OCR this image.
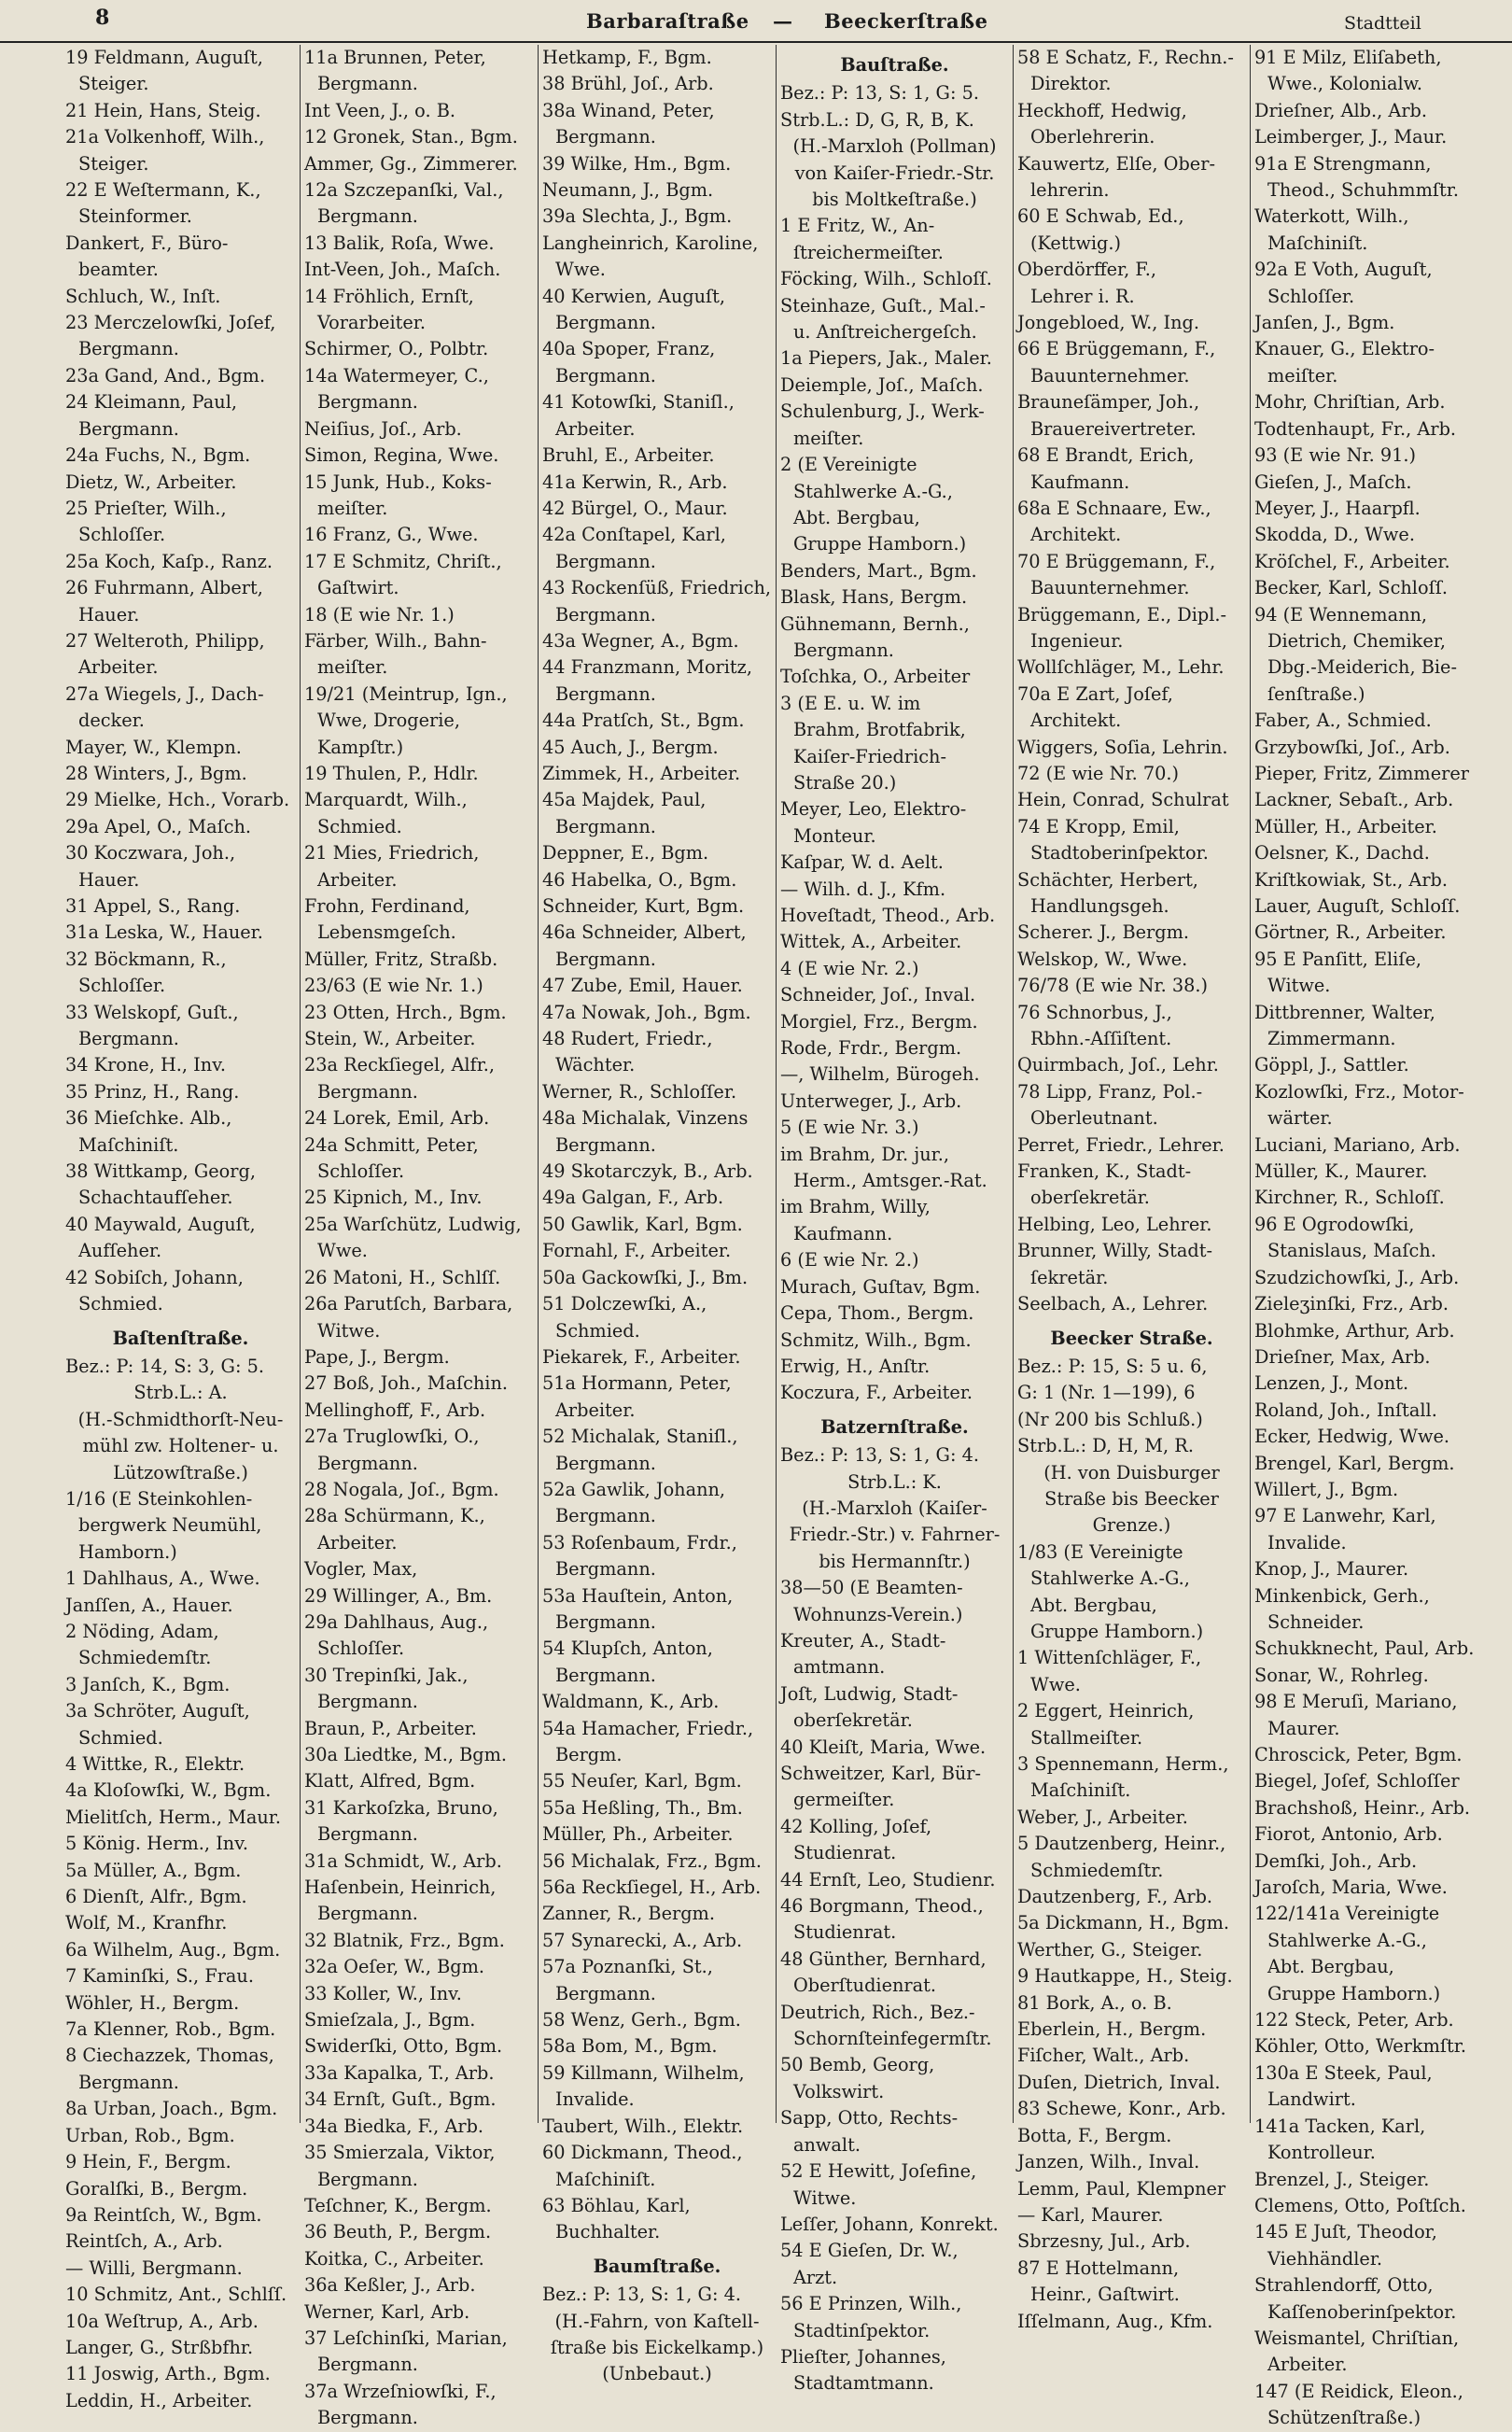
8	Barbaraſtraße — Beeckerſtraße	Stadtteil
19 Feldmann, Auguſt,
Steiger.
21 Hein, Hans, Steig.
21a Volkenhoff, Wilh.,
Steiger.
22 E Weſtermann, K.,
Steinformer.
Dankert, F., Büro-
beamter.
Schluch, W., Inſt.
23 Merczelowſki, Joſef,
Bergmann.
23a Gand, And., Bgm.
24 Kleimann, Paul,
Bergmann.
24a Fuchs, N., Bgm.
Dietz, W., Arbeiter.
25 Prieſter, Wilh.,
Schloſſer.
25a Koch, Kaſp., Ranz.
26 Fuhrmann, Albert,
Hauer.
27 Welteroth, Philipp,
Arbeiter.
27a Wiegels, J., Dach-
decker.
Mayer, W., Klempn.
28 Winters, J., Bgm.
29 Mielke, Hch., Vorarb.
29a Apel, O., Maſch.
30 Koczwara, Joh.,
Hauer.
31 Appel, S., Rang.
31a Leska, W., Hauer.
32 Böckmann, R.,
Schloſſer.
33 Welskopf, Guſt.,
Bergmann.
34 Krone, H., Inv.
35 Prinz, H., Rang.
36 Mieſchke. Alb.,
Maſchiniſt.
38 Wittkamp, Georg,
Schachtaufſeher.
40 Maywald, Auguſt,
Aufſeher.
42 Sobiſch, Johann,
Schmied.
Baſtenſtraße.
Bez.: P: 14, S: 3, G: 5.
Strb.L.: A.
(H.-Schmidthorſt-Neu-
mühl zw. Holtener- u.
Lützowſtraße.)
1/16 (E Steinkohlen-
bergwerk Neumühl,
Hamborn.)
1 Dahlhaus, A., Wwe.
Janſſen, A., Hauer.
2 Nöding, Adam,
Schmiedemſtr.
3 Janſch, K., Bgm.
3a Schröter, Auguſt,
Schmied.
4 Wittke, R., Elektr.
4a Kloſowſki, W., Bgm.
Mielitſch, Herm., Maur.
5 König. Herm., Inv.
5a Müller, A., Bgm.
6 Dienſt, Alfr., Bgm.
Wolf, M., Kranfhr.
6a Wilhelm, Aug., Bgm.
7 Kaminſki, S., Frau.
Wöhler, H., Bergm.
7a Klenner, Rob., Bgm.
8 Ciechazzek, Thomas,
Bergmann.
8a Urban, Joach., Bgm.
Urban, Rob., Bgm.
9 Hein, F., Bergm.
Goralſki, B., Bergm.
9a Reintſch, W., Bgm.
Reintſch, A., Arb.
— Willi, Bergmann.
10 Schmitz, Ant., Schlſſ.
10a Weſtrup, A., Arb.
Langer, G., Strßbfhr.
11 Joswig, Arth., Bgm.
Leddin, H., Arbeiter.
11a Brunnen, Peter,
Bergmann.
Int Veen, J., o. B.
12 Gronek, Stan., Bgm.
Ammer, Gg., Zimmerer.
12a Szczepanſki, Val.,
Bergmann.
13 Balik, Roſa, Wwe.
Int-Veen, Joh., Maſch.
14 Fröhlich, Ernſt,
Vorarbeiter.
Schirmer, O., Polbtr.
14a Watermeyer, C.,
Bergmann.
Neiſius, Joſ., Arb.
Simon, Regina, Wwe.
15 Junk, Hub., Koks-
meiſter.
16 Franz, G., Wwe.
17 E Schmitz, Chriſt.,
Gaſtwirt.
18 (E wie Nr. 1.)
Färber, Wilh., Bahn-
meiſter.
19/21 (Meintrup, Ign.,
Wwe, Drogerie,
Kampſtr.)
19 Thulen, P., Hdlr.
Marquardt, Wilh.,
Schmied.
21 Mies, Friedrich,
Arbeiter.
Frohn, Ferdinand,
Lebensmgeſch.
Müller, Fritz, Straßb.
23/63 (E wie Nr. 1.)
23 Otten, Hrch., Bgm.
Stein, W., Arbeiter.
23a Reckſiegel, Alfr.,
Bergmann.
24 Lorek, Emil, Arb.
24a Schmitt, Peter,
Schloſſer.
25 Kipnich, M., Inv.
25a Warſchütz, Ludwig,
Wwe.
26 Matoni, H., Schlſſ.
26a Parutſch, Barbara,
Witwe.
Pape, J., Bergm.
27 Boß, Joh., Maſchin.
Mellinghoff, F., Arb.
27a Truglowſki, O.,
Bergmann.
28 Nogala, Joſ., Bgm.
28a Schürmann, K.,
Arbeiter.
Vogler, Max,
29 Willinger, A., Bm.
29a Dahlhaus, Aug.,
Schloſſer.
30 Trepinſki, Jak.,
Bergmann.
Braun, P., Arbeiter.
30a Liedtke, M., Bgm.
Klatt, Alfred, Bgm.
31 Karkoſzka, Bruno,
Bergmann.
31a Schmidt, W., Arb.
Haſenbein, Heinrich,
Bergmann.
32 Blatnik, Frz., Bgm.
32a Oeſer, W., Bgm.
33 Koller, W., Inv.
Smieſzala, J., Bgm.
Swiderſki, Otto, Bgm.
33a Kapalka, T., Arb.
34 Ernſt, Guſt., Bgm.
34a Biedka, F., Arb.
35 Smierzala, Viktor,
Bergmann.
Teſchner, K., Bergm.
36 Beuth, P., Bergm.
Koitka, C., Arbeiter.
36a Keßler, J., Arb.
Werner, Karl, Arb.
37 Leſchinſki, Marian,
Bergmann.
37a Wrzeſniowſki, F.,
Bergmann.
Hetkamp, F., Bgm.
38 Brühl, Joſ., Arb.
38a Winand, Peter,
Bergmann.
39 Wilke, Hm., Bgm.
Neumann, J., Bgm.
39a Slechta, J., Bgm.
Langheinrich, Karoline,
Wwe.
40 Kerwien, Auguſt,
Bergmann.
40a Spoper, Franz,
Bergmann.
41 Kotowſki, Staniſl.,
Arbeiter.
Bruhl, E., Arbeiter.
41a Kerwin, R., Arb.
42 Bürgel, O., Maur.
42a Conſtapel, Karl,
Bergmann.
43 Rockenſüß, Friedrich,
Bergmann.
43a Wegner, A., Bgm.
44 Franzmann, Moritz,
Bergmann.
44a Pratſch, St., Bgm.
45 Auch, J., Bergm.
Zimmek, H., Arbeiter.
45a Majdek, Paul,
Bergmann.
Deppner, E., Bgm.
46 Habelka, O., Bgm.
Schneider, Kurt, Bgm.
46a Schneider, Albert,
Bergmann.
47 Zube, Emil, Hauer.
47a Nowak, Joh., Bgm.
48 Rudert, Friedr.,
Wächter.
Werner, R., Schloſſer.
48a Michalak, Vinzens
Bergmann.
49 Skotarczyk, B., Arb.
49a Galgan, F., Arb.
50 Gawlik, Karl, Bgm.
Fornahl, F., Arbeiter.
50a Gackowſki, J., Bm.
51 Dolczewſki, A.,
Schmied.
Piekarek, F., Arbeiter.
51a Hormann, Peter,
Arbeiter.
52 Michalak, Staniſl.,
Bergmann.
52a Gawlik, Johann,
Bergmann.
53 Roſenbaum, Frdr.,
Bergmann.
53a Hauſtein, Anton,
Bergmann.
54 Klupſch, Anton,
Bergmann.
Waldmann, K., Arb.
54a Hamacher, Friedr.,
Bergm.
55 Neuſer, Karl, Bgm.
55a Heßling, Th., Bm.
Müller, Ph., Arbeiter.
56 Michalak, Frz., Bgm.
56a Reckſiegel, H., Arb.
Zanner, R., Bergm.
57 Synarecki, A., Arb.
57a Poznanſki, St.,
Bergmann.
58 Wenz, Gerh., Bgm.
58a Bom, M., Bgm.
59 Killmann, Wilhelm,
Invalide.
Taubert, Wilh., Elektr.
60 Dickmann, Theod.,
Maſchiniſt.
63 Böhlau, Karl,
Buchhalter.
Baumſtraße.
Bez.: P: 13, S: 1, G: 4.
(H.-Fahrn, von Kaſtell-
ſtraße bis Eickelkamp.)
(Unbebaut.)
Bauſtraße.
Bez.: P: 13, S: 1, G: 5.
Strb.L.: D, G, R, B, K.
(H.-Marxloh (Pollman)
von Kaiſer-Friedr.-Str.
bis Moltkeſtraße.)
1 E Fritz, W., An-
ſtreichermeiſter.
Föcking, Wilh., Schloſſ.
Steinhaze, Guſt., Mal.-
u. Anſtreichergeſch.
1a Piepers, Jak., Maler.
Deiemple, Joſ., Maſch.
Schulenburg, J., Werk-
meiſter.
2 (E Vereinigte
Stahlwerke A.-G.,
Abt. Bergbau,
Gruppe Hamborn.)
Benders, Mart., Bgm.
Blask, Hans, Bergm.
Gühnemann, Bernh.,
Bergmann.
Toſchka, O., Arbeiter
3 (E E. u. W. im
Brahm, Brotfabrik,
Kaiſer-Friedrich-
Straße 20.)
Meyer, Leo, Elektro-
Monteur.
Kaſpar, W. d. Aelt.
— Wilh. d. J., Kfm.
Hoveſtadt, Theod., Arb.
Wittek, A., Arbeiter.
4 (E wie Nr. 2.)
Schneider, Joſ., Inval.
Morgiel, Frz., Bergm.
Rode, Frdr., Bergm.
—, Wilhelm, Bürogeh.
Unterweger, J., Arb.
5 (E wie Nr. 3.)
im Brahm, Dr. jur.,
Herm., Amtsger.-Rat.
im Brahm, Willy,
Kaufmann.
6 (E wie Nr. 2.)
Murach, Guſtav, Bgm.
Cepa, Thom., Bergm.
Schmitz, Wilh., Bgm.
Erwig, H., Anſtr.
Koczura, F., Arbeiter.
Batzernſtraße.
Bez.: P: 13, S: 1, G: 4.
Strb.L.: K.
(H.-Marxloh (Kaiſer-
Friedr.-Str.) v. Fahrner-
bis Hermannſtr.)
38—50 (E Beamten-
Wohnunzs-Verein.)
Kreuter, A., Stadt-
amtmann.
Joſt, Ludwig, Stadt-
oberſekretär.
40 Kleiſt, Maria, Wwe.
Schweitzer, Karl, Bür-
germeiſter.
42 Kolling, Joſef,
Studienrat.
44 Ernſt, Leo, Studienr.
46 Borgmann, Theod.,
Studienrat.
48 Günther, Bernhard,
Oberſtudienrat.
Deutrich, Rich., Bez.-
Schornſteinfegermſtr.
50 Bemb, Georg,
Volkswirt.
Sapp, Otto, Rechts-
anwalt.
52 E Hewitt, Joſefine,
Witwe.
Leſſer, Johann, Konrekt.
54 E Gieſen, Dr. W.,
Arzt.
56 E Prinzen, Wilh.,
Stadtinſpektor.
Plieſter, Johannes,
Stadtamtmann.
58 E Schatz, F., Rechn.-
Direktor.
Heckhoff, Hedwig,
Oberlehrerin.
Kauwertz, Elſe, Ober-
lehrerin.
60 E Schwab, Ed.,
(Kettwig.)
Oberdörffer, F.,
Lehrer i. R.
Jongebloed, W., Ing.
66 E Brüggemann, F.,
Bauunternehmer.
Brauneſämper, Joh.,
Brauereivertreter.
68 E Brandt, Erich,
Kaufmann.
68a E Schnaare, Ew.,
Architekt.
70 E Brüggemann, F.,
Bauunternehmer.
Brüggemann, E., Dipl.-
Ingenieur.
Wollſchläger, M., Lehr.
70a E Zart, Joſef,
Architekt.
Wiggers, Soſia, Lehrin.
72 (E wie Nr. 70.)
Hein, Conrad, Schulrat
74 E Kropp, Emil,
Stadtoberinſpektor.
Schächter, Herbert,
Handlungsgeh.
Scherer. J., Bergm.
Welskop, W., Wwe.
76/78 (E wie Nr. 38.)
76 Schnorbus, J.,
Rbhn.-Aſſiſtent.
Quirmbach, Joſ., Lehr.
78 Lipp, Franz, Pol.-
Oberleutnant.
Perret, Friedr., Lehrer.
Franken, K., Stadt-
oberſekretär.
Helbing, Leo, Lehrer.
Brunner, Willy, Stadt-
ſekretär.
Seelbach, A., Lehrer.
Beecker Straße.
Bez.: P: 15, S: 5 u. 6,
G: 1 (Nr. 1—199), 6
(Nr 200 bis Schluß.)
Strb.L.: D, H, M, R.
(H. von Duisburger
Straße bis Beecker
Grenze.)
1/83 (E Vereinigte
Stahlwerke A.-G.,
Abt. Bergbau,
Gruppe Hamborn.)
1 Wittenſchläger, F.,
Wwe.
2 Eggert, Heinrich,
Stallmeiſter.
3 Spennemann, Herm.,
Maſchiniſt.
Weber, J., Arbeiter.
5 Dautzenberg, Heinr.,
Schmiedemſtr.
Dautzenberg, F., Arb.
5a Dickmann, H., Bgm.
Werther, G., Steiger.
9 Hautkappe, H., Steig.
81 Bork, A., o. B.
Eberlein, H., Bergm.
Fiſcher, Walt., Arb.
Duſen, Dietrich, Inval.
83 Schewe, Konr., Arb.
Botta, F., Bergm.
Janzen, Wilh., Inval.
Lemm, Paul, Klempner
— Karl, Maurer.
Sbrzesny, Jul., Arb.
87 E Hottelmann,
Heinr., Gaſtwirt.
Iſſelmann, Aug., Kfm.
91 E Milz, Eliſabeth,
Wwe., Kolonialw.
Drieſner, Alb., Arb.
Leimberger, J., Maur.
91a E Strengmann,
Theod., Schuhmmſtr.
Waterkott, Wilh.,
Maſchiniſt.
92a E Voth, Auguſt,
Schloſſer.
Janſen, J., Bgm.
Knauer, G., Elektro-
meiſter.
Mohr, Chriſtian, Arb.
Todtenhaupt, Fr., Arb.
93 (E wie Nr. 91.)
Gieſen, J., Maſch.
Meyer, J., Haarpfl.
Skodda, D., Wwe.
Kröſchel, F., Arbeiter.
Becker, Karl, Schloſſ.
94 (E Wennemann,
Dietrich, Chemiker,
Dbg.-Meiderich, Bie-
ſenſtraße.)
Faber, A., Schmied.
Grzybowſki, Joſ., Arb.
Pieper, Fritz, Zimmerer
Lackner, Sebaſt., Arb.
Müller, H., Arbeiter.
Oelsner, K., Dachd.
Kriſtkowiak, St., Arb.
Lauer, Auguſt, Schloſſ.
Görtner, R., Arbeiter.
95 E Panſitt, Eliſe,
Witwe.
Dittbrenner, Walter,
Zimmermann.
Göppl, J., Sattler.
Kozlowſki, Frz., Motor-
wärter.
Luciani, Mariano, Arb.
Müller, K., Maurer.
Kirchner, R., Schloſſ.
96 E Ogrodowſki,
Stanislaus, Maſch.
Szudzichowſki, J., Arb.
Zieleʒinſki, Frz., Arb.
Blohmke, Arthur, Arb.
Drieſner, Max, Arb.
Lenzen, J., Mont.
Roland, Joh., Inſtall.
Ecker, Hedwig, Wwe.
Brengel, Karl, Bergm.
Willert, J., Bgm.
97 E Lanwehr, Karl,
Invalide.
Knop, J., Maurer.
Minkenbick, Gerh.,
Schneider.
Schukknecht, Paul, Arb.
Sonar, W., Rohrleg.
98 E Meruſi, Mariano,
Maurer.
Chroscick, Peter, Bgm.
Biegel, Joſef, Schloſſer
Brachshoß, Heinr., Arb.
Fiorot, Antonio, Arb.
Demſki, Joh., Arb.
Jaroſch, Maria, Wwe.
122/141a Vereinigte
Stahlwerke A.-G.,
Abt. Bergbau,
Gruppe Hamborn.)
122 Steck, Peter, Arb.
Köhler, Otto, Werkmſtr.
130a E Steek, Paul,
Landwirt.
141a Tacken, Karl,
Kontrolleur.
Brenzel, J., Steiger.
Clemens, Otto, Poſtſch.
145 E Juſt, Theodor,
Viehhändler.
Strahlendorff, Otto,
Kaſſenoberinſpektor.
Weismantel, Chriſtian,
Arbeiter.
147 (E Reidick, Eleon.,
Schützenſtraße.)
